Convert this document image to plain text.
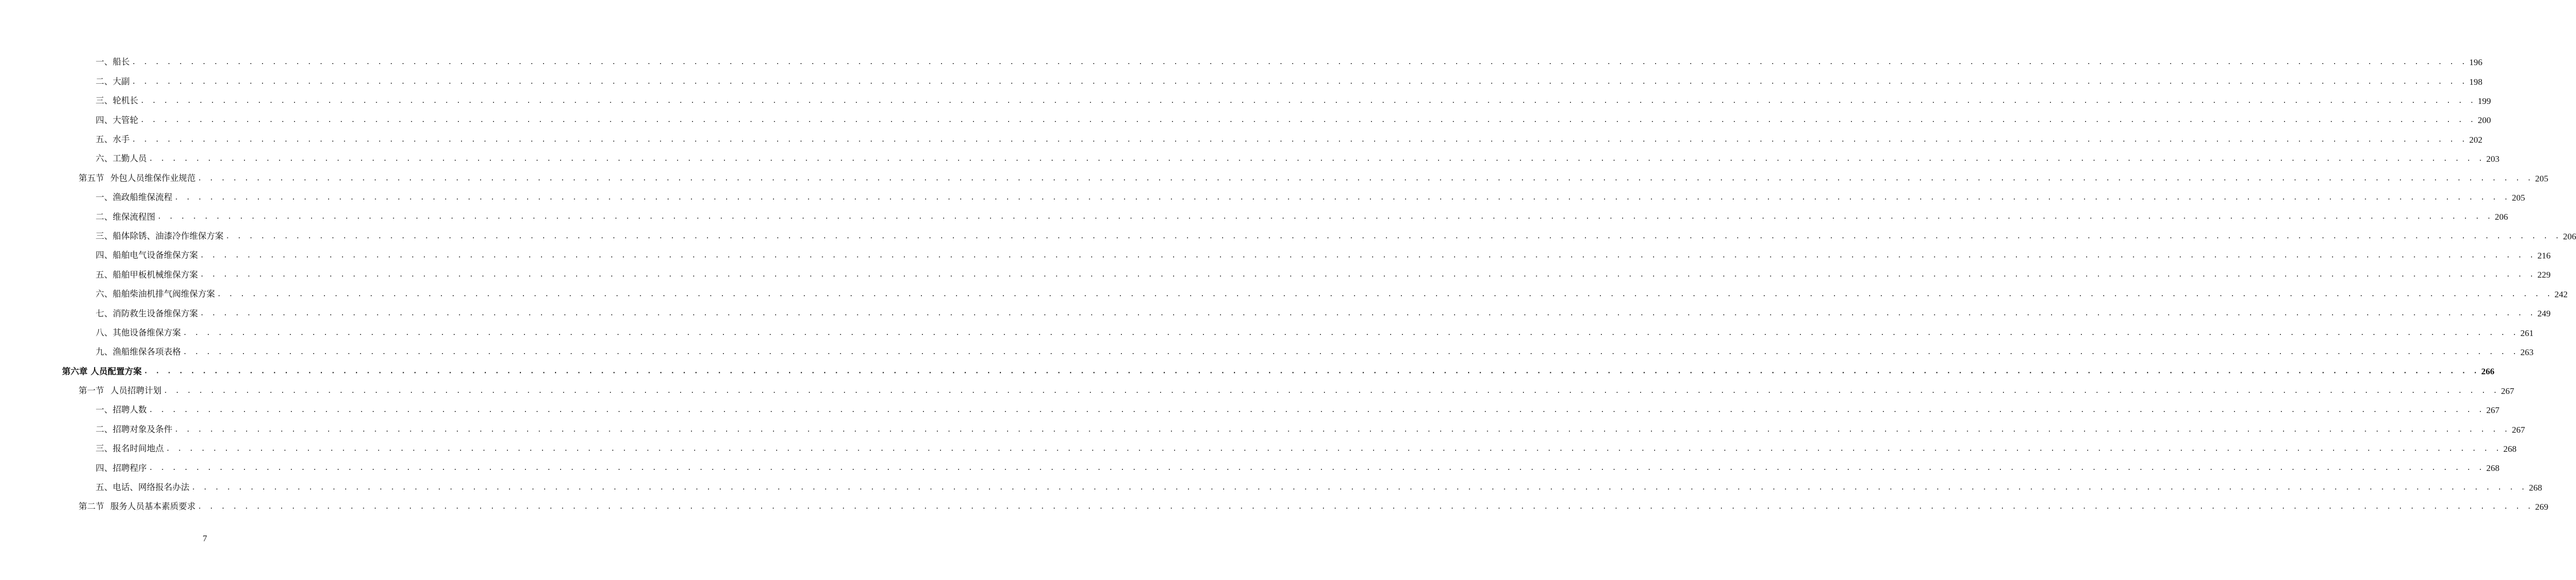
一、船长 . . . . . . . . . . . . . . . . . . . . . . . . . . . . . . . . . . . . . . . . . . . . . . . . . . . . . . . . . . . . . . . . . . . . . . . . . . . . . . . . . . . . . . . . . . . . . . . . . . . . . . . . . . . . . . . . . . . . . . . . . . . . . . . . . . . . . . . . . . . . . . . . . . . . . . . . . . . . . . . . . . . . . . . . . . . . . . . . . . . . . . . . . . . . . . . . . . . . . . . . 196
二、大副 . . . . . . . . . . . . . . . . . . . . . . . . . . . . . . . . . . . . . . . . . . . . . . . . . . . . . . . . . . . . . . . . . . . . . . . . . . . . . . . . . . . . . . . . . . . . . . . . . . . . . . . . . . . . . . . . . . . . . . . . . . . . . . . . . . . . . . . . . . . . . . . . . . . . . . . . . . . . . . . . . . . . . . . . . . . . . . . . . . . . . . . . . . . . . . . . . . . . . . . . 198
三、轮机长 . . . . . . . . . . . . . . . . . . . . . . . . . . . . . . . . . . . . . . . . . . . . . . . . . . . . . . . . . . . . . . . . . . . . . . . . . . . . . . . . . . . . . . . . . . . . . . . . . . . . . . . . . . . . . . . . . . . . . . . . . . . . . . . . . . . . . . . . . . . . . . . . . . . . . . . . . . . . . . . . . . . . . . . . . . . . . . . . . . . . . . . . . . . . . . . . . . . . . . . . 199
四、大管轮 . . . . . . . . . . . . . . . . . . . . . . . . . . . . . . . . . . . . . . . . . . . . . . . . . . . . . . . . . . . . . . . . . . . . . . . . . . . . . . . . . . . . . . . . . . . . . . . . . . . . . . . . . . . . . . . . . . . . . . . . . . . . . . . . . . . . . . . . . . . . . . . . . . . . . . . . . . . . . . . . . . . . . . . . . . . . . . . . . . . . . . . . . . . . . . . . . . . . . . . . 200
五、水手 . . . . . . . . . . . . . . . . . . . . . . . . . . . . . . . . . . . . . . . . . . . . . . . . . . . . . . . . . . . . . . . . . . . . . . . . . . . . . . . . . . . . . . . . . . . . . . . . . . . . . . . . . . . . . . . . . . . . . . . . . . . . . . . . . . . . . . . . . . . . . . . . . . . . . . . . . . . . . . . . . . . . . . . . . . . . . . . . . . . . . . . . . . . . . . . . . . . . . . . . 202
六、工勤人员 . . . . . . . . . . . . . . . . . . . . . . . . . . . . . . . . . . . . . . . . . . . . . . . . . . . . . . . . . . . . . . . . . . . . . . . . . . . . . . . . . . . . . . . . . . . . . . . . . . . . . . . . . . . . . . . . . . . . . . . . . . . . . . . . . . . . . . . . . . . . . . . . . . . . . . . . . . . . . . . . . . . . . . . . . . . . . . . . . . . . . . . . . . . . . . . . . . . . . . . . 203
第五节 外包人员维保作业规范 . . . . . . . . . . . . . . . . . . . . . . . . . . . . . . . . . . . . . . . . . . . . . . . . . . . . . . . . . . . . . . . . . . . . . . . . . . . . . . . . . . . . . . . . . . . . . . . . . . . . . . . . . . . . . . . . . . . . . . . . . . . . . . . . . . . . . . . . . . . . . . . . . . . . . . . . . . . . . . . . . . . . . . . . . . . . . . . . . . . . . . . . . . . . . . . . . . . . . . . . 205
一、渔政船维保流程 . . . . . . . . . . . . . . . . . . . . . . . . . . . . . . . . . . . . . . . . . . . . . . . . . . . . . . . . . . . . . . . . . . . . . . . . . . . . . . . . . . . . . . . . . . . . . . . . . . . . . . . . . . . . . . . . . . . . . . . . . . . . . . . . . . . . . . . . . . . . . . . . . . . . . . . . . . . . . . . . . . . . . . . . . . . . . . . . . . . . . . . . . . . . . . . . . . . . . . . . 205
二、维保流程图 . . . . . . . . . . . . . . . . . . . . . . . . . . . . . . . . . . . . . . . . . . . . . . . . . . . . . . . . . . . . . . . . . . . . . . . . . . . . . . . . . . . . . . . . . . . . . . . . . . . . . . . . . . . . . . . . . . . . . . . . . . . . . . . . . . . . . . . . . . . . . . . . . . . . . . . . . . . . . . . . . . . . . . . . . . . . . . . . . . . . . . . . . . . . . . . . . . . . . . . . 206
三、船体除锈、油漆冷作维保方案 . . . . . . . . . . . . . . . . . . . . . . . . . . . . . . . . . . . . . . . . . . . . . . . . . . . . . . . . . . . . . . . . . . . . . . . . . . . . . . . . . . . . . . . . . . . . . . . . . . . . . . . . . . . . . . . . . . . . . . . . . . . . . . . . . . . . . . . . . . . . . . . . . . . . . . . . . . . . . . . . . . . . . . . . . . . . . . . . . . . . . . . . . . . . . . . . . . . . . . . . 206
四、船舶电气设备维保方案 . . . . . . . . . . . . . . . . . . . . . . . . . . . . . . . . . . . . . . . . . . . . . . . . . . . . . . . . . . . . . . . . . . . . . . . . . . . . . . . . . . . . . . . . . . . . . . . . . . . . . . . . . . . . . . . . . . . . . . . . . . . . . . . . . . . . . . . . . . . . . . . . . . . . . . . . . . . . . . . . . . . . . . . . . . . . . . . . . . . . . . . . . . . . . . . . . . . . . . . . 216
五、船舶甲板机械维保方案 . . . . . . . . . . . . . . . . . . . . . . . . . . . . . . . . . . . . . . . . . . . . . . . . . . . . . . . . . . . . . . . . . . . . . . . . . . . . . . . . . . . . . . . . . . . . . . . . . . . . . . . . . . . . . . . . . . . . . . . . . . . . . . . . . . . . . . . . . . . . . . . . . . . . . . . . . . . . . . . . . . . . . . . . . . . . . . . . . . . . . . . . . . . . . . . . . . . . . . . . 229
六、船舶柴油机排气阀维保方案 . . . . . . . . . . . . . . . . . . . . . . . . . . . . . . . . . . . . . . . . . . . . . . . . . . . . . . . . . . . . . . . . . . . . . . . . . . . . . . . . . . . . . . . . . . . . . . . . . . . . . . . . . . . . . . . . . . . . . . . . . . . . . . . . . . . . . . . . . . . . . . . . . . . . . . . . . . . . . . . . . . . . . . . . . . . . . . . . . . . . . . . . . . . . . . . . . . . . . . . . 242
七、消防救生设备维保方案 . . . . . . . . . . . . . . . . . . . . . . . . . . . . . . . . . . . . . . . . . . . . . . . . . . . . . . . . . . . . . . . . . . . . . . . . . . . . . . . . . . . . . . . . . . . . . . . . . . . . . . . . . . . . . . . . . . . . . . . . . . . . . . . . . . . . . . . . . . . . . . . . . . . . . . . . . . . . . . . . . . . . . . . . . . . . . . . . . . . . . . . . . . . . . . . . . . . . . . . . 249
八、其他设备维保方案 . . . . . . . . . . . . . . . . . . . . . . . . . . . . . . . . . . . . . . . . . . . . . . . . . . . . . . . . . . . . . . . . . . . . . . . . . . . . . . . . . . . . . . . . . . . . . . . . . . . . . . . . . . . . . . . . . . . . . . . . . . . . . . . . . . . . . . . . . . . . . . . . . . . . . . . . . . . . . . . . . . . . . . . . . . . . . . . . . . . . . . . . . . . . . . . . . . . . . . . . 261
九、渔船维保各项表格 . . . . . . . . . . . . . . . . . . . . . . . . . . . . . . . . . . . . . . . . . . . . . . . . . . . . . . . . . . . . . . . . . . . . . . . . . . . . . . . . . . . . . . . . . . . . . . . . . . . . . . . . . . . . . . . . . . . . . . . . . . . . . . . . . . . . . . . . . . . . . . . . . . . . . . . . . . . . . . . . . . . . . . . . . . . . . . . . . . . . . . . . . . . . . . . . . . . . . . . . 263
第六章 人员配置方案 . . . . . . . . . . . . . . . . . . . . . . . . . . . . . . . . . . . . . . . . . . . . . . . . . . . . . . . . . . . . . . . . . . . . . . . . . . . . . . . . . . . . . . . . . . . . . . . . . . . . . . . . . . . . . . . . . . . . . . . . . . . . . . . . . . . . . . . . . . . . . . . . . . . . . . . . . . . . . . . . . . . . . . . . . . . . . . . . . . . . . . . . . . . . . . . . . . . . . . . . 266
第一节 人员招聘计划 . . . . . . . . . . . . . . . . . . . . . . . . . . . . . . . . . . . . . . . . . . . . . . . . . . . . . . . . . . . . . . . . . . . . . . . . . . . . . . . . . . . . . . . . . . . . . . . . . . . . . . . . . . . . . . . . . . . . . . . . . . . . . . . . . . . . . . . . . . . . . . . . . . . . . . . . . . . . . . . . . . . . . . . . . . . . . . . . . . . . . . . . . . . . . . . . . . . . . . . . 267
一、招聘人数 . . . . . . . . . . . . . . . . . . . . . . . . . . . . . . . . . . . . . . . . . . . . . . . . . . . . . . . . . . . . . . . . . . . . . . . . . . . . . . . . . . . . . . . . . . . . . . . . . . . . . . . . . . . . . . . . . . . . . . . . . . . . . . . . . . . . . . . . . . . . . . . . . . . . . . . . . . . . . . . . . . . . . . . . . . . . . . . . . . . . . . . . . . . . . . . . . . . . . . . . 267
二、招聘对象及条件 . . . . . . . . . . . . . . . . . . . . . . . . . . . . . . . . . . . . . . . . . . . . . . . . . . . . . . . . . . . . . . . . . . . . . . . . . . . . . . . . . . . . . . . . . . . . . . . . . . . . . . . . . . . . . . . . . . . . . . . . . . . . . . . . . . . . . . . . . . . . . . . . . . . . . . . . . . . . . . . . . . . . . . . . . . . . . . . . . . . . . . . . . . . . . . . . . . . . . . . . 267
三、报名时间地点 . . . . . . . . . . . . . . . . . . . . . . . . . . . . . . . . . . . . . . . . . . . . . . . . . . . . . . . . . . . . . . . . . . . . . . . . . . . . . . . . . . . . . . . . . . . . . . . . . . . . . . . . . . . . . . . . . . . . . . . . . . . . . . . . . . . . . . . . . . . . . . . . . . . . . . . . . . . . . . . . . . . . . . . . . . . . . . . . . . . . . . . . . . . . . . . . . . . . . . . . 268
四、招聘程序 . . . . . . . . . . . . . . . . . . . . . . . . . . . . . . . . . . . . . . . . . . . . . . . . . . . . . . . . . . . . . . . . . . . . . . . . . . . . . . . . . . . . . . . . . . . . . . . . . . . . . . . . . . . . . . . . . . . . . . . . . . . . . . . . . . . . . . . . . . . . . . . . . . . . . . . . . . . . . . . . . . . . . . . . . . . . . . . . . . . . . . . . . . . . . . . . . . . . . . . . 268
五、电话、网络报名办法 . . . . . . . . . . . . . . . . . . . . . . . . . . . . . . . . . . . . . . . . . . . . . . . . . . . . . . . . . . . . . . . . . . . . . . . . . . . . . . . . . . . . . . . . . . . . . . . . . . . . . . . . . . . . . . . . . . . . . . . . . . . . . . . . . . . . . . . . . . . . . . . . . . . . . . . . . . . . . . . . . . . . . . . . . . . . . . . . . . . . . . . . . . . . . . . . . . . . . . . . 268
第二节 服务人员基本素质要求 . . . . . . . . . . . . . . . . . . . . . . . . . . . . . . . . . . . . . . . . . . . . . . . . . . . . . . . . . . . . . . . . . . . . . . . . . . . . . . . . . . . . . . . . . . . . . . . . . . . . . . . . . . . . . . . . . . . . . . . . . . . . . . . . . . . . . . . . . . . . . . . . . . . . . . . . . . . . . . . . . . . . . . . . . . . . . . . . . . . . . . . . . . . . . . . . . . . . . . . . 269
7
